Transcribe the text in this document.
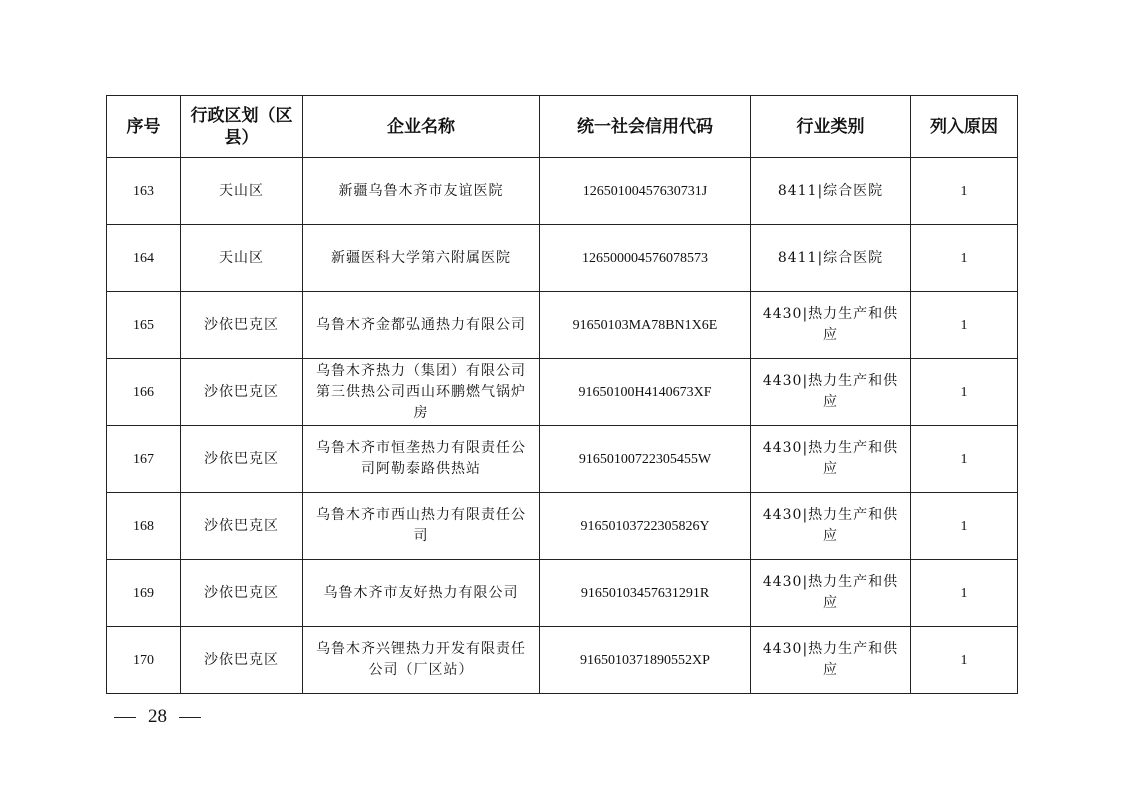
序号	行政区划（区县）	企业名称	统一社会信用代码	行业类别	列入原因
163	天山区	新疆乌鲁木齐市友谊医院	12650100457630731J	8411|综合医院	1
164	天山区	新疆医科大学第六附属医院	126500004576078573	8411|综合医院	1
165	沙依巴克区	乌鲁木齐金都弘通热力有限公司	91650103MA78BN1X6E	4430|热力生产和供应	1
166	沙依巴克区	乌鲁木齐热力（集团）有限公司第三供热公司西山环鹏燃气锅炉房	91650100H4140673XF	4430|热力生产和供应	1
167	沙依巴克区	乌鲁木齐市恒垄热力有限责任公司阿勒泰路供热站	91650100722305455W	4430|热力生产和供应	1
168	沙依巴克区	乌鲁木齐市西山热力有限责任公司	91650103722305826Y	4430|热力生产和供应	1
169	沙依巴克区	乌鲁木齐市友好热力有限公司	91650103457631291R	4430|热力生产和供应	1
170	沙依巴克区	乌鲁木齐兴锂热力开发有限责任公司（厂区站）	9165010371890552XP	4430|热力生产和供应	1
28
